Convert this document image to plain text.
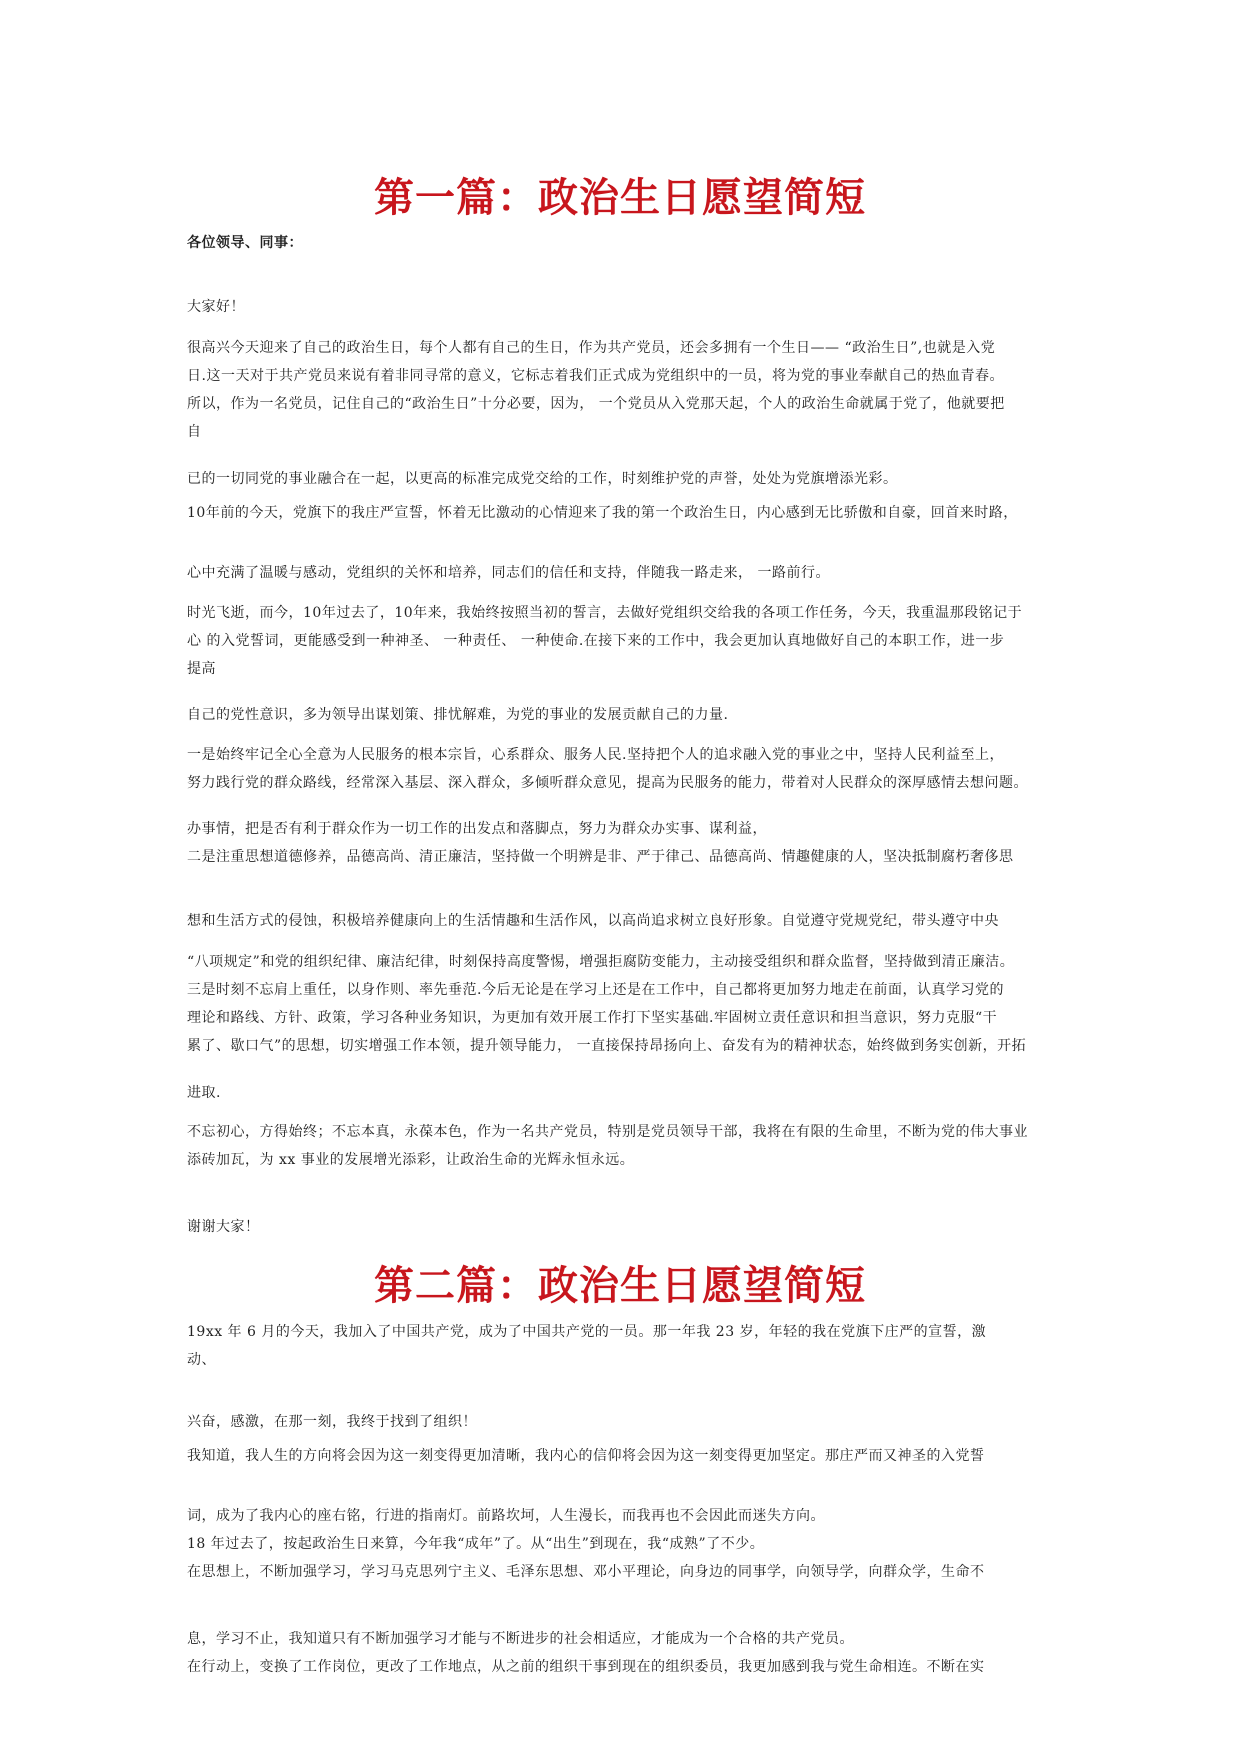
第一篇：政治生日愿望简短

各位领导、同事：

大家好！

很高兴今天迎来了自己的政治生日，每个人都有自己的生日，作为共产党员，还会多拥有一个生日—— “政治生日”,也就是入党
日.这一天对于共产党员来说有着非同寻常的意义，它标志着我们正式成为党组织中的一员，将为党的事业奉献自己的热血青春。
所以，作为一名党员，记住自己的“政治生日”十分必要，因为， 一个党员从入党那天起，个人的政治生命就属于党了，他就要把
自

已的一切同党的事业融合在一起，以更高的标准完成党交给的工作，时刻维护党的声誉，处处为党旗增添光彩。

10年前的今天，党旗下的我庄严宣誓，怀着无比激动的心情迎来了我的第一个政治生日，内心感到无比骄傲和自豪，回首来时路，

心中充满了温暖与感动，党组织的关怀和培养，同志们的信任和支持，伴随我一路走来， 一路前行。

时光飞逝，而今，10年过去了，10年来，我始终按照当初的誓言，去做好党组织交给我的各项工作任务，今天，我重温那段铭记于
心 的入党誓词，更能感受到一种神圣、 一种责任、 一种使命.在接下来的工作中，我会更加认真地做好自己的本职工作，进一步
提高

自己的党性意识，多为领导出谋划策、排忧解难，为党的事业的发展贡献自己的力量.

一是始终牢记全心全意为人民服务的根本宗旨，心系群众、服务人民.坚持把个人的追求融入党的事业之中，坚持人民利益至上，
努力践行党的群众路线，经常深入基层、深入群众，多倾听群众意见，提高为民服务的能力，带着对人民群众的深厚感情去想问题。

办事情，把是否有利于群众作为一切工作的出发点和落脚点，努力为群众办实事、谋利益，
二是注重思想道德修养，品德高尚、清正廉洁，坚持做一个明辨是非、严于律己、品德高尚、情趣健康的人，坚决抵制腐朽奢侈思

想和生活方式的侵蚀，积极培养健康向上的生活情趣和生活作风，以高尚追求树立良好形象。自觉遵守党规党纪，带头遵守中央

“八项规定”和党的组织纪律、廉洁纪律，时刻保持高度警惕，增强拒腐防变能力，主动接受组织和群众监督，坚持做到清正廉洁。
三是时刻不忘肩上重任，以身作则、率先垂范.今后无论是在学习上还是在工作中，自己都将更加努力地走在前面，认真学习党的
理论和路线、方针、政策，学习各种业务知识，为更加有效开展工作打下坚实基础.牢固树立责任意识和担当意识，努力克服“干
累了、歇口气”的思想，切实增强工作本领，提升领导能力， 一直接保持昂扬向上、奋发有为的精神状态，始终做到务实创新，开拓

进取.

不忘初心，方得始终；不忘本真，永葆本色，作为一名共产党员，特别是党员领导干部，我将在有限的生命里，不断为党的伟大事业
添砖加瓦，为 xx 事业的发展增光添彩，让政治生命的光辉永恒永远。

谢谢大家！

第二篇：政治生日愿望简短

19xx 年 6 月的今天，我加入了中国共产党，成为了中国共产党的一员。那一年我 23 岁，年轻的我在党旗下庄严的宣誓，激
动、

兴奋，感激，在那一刻，我终于找到了组织！

我知道，我人生的方向将会因为这一刻变得更加清晰，我内心的信仰将会因为这一刻变得更加坚定。那庄严而又神圣的入党誓

词，成为了我内心的座右铭，行进的指南灯。前路坎坷，人生漫长，而我再也不会因此而迷失方向。
18 年过去了，按起政治生日来算，今年我“成年”了。从“出生”到现在，我“成熟”了不少。
在思想上，不断加强学习，学习马克思列宁主义、毛泽东思想、邓小平理论，向身边的同事学，向领导学，向群众学，生命不

息，学习不止，我知道只有不断加强学习才能与不断进步的社会相适应，才能成为一个合格的共产党员。
在行动上，变换了工作岗位，更改了工作地点，从之前的组织干事到现在的组织委员，我更加感到我与党生命相连。不断在实
